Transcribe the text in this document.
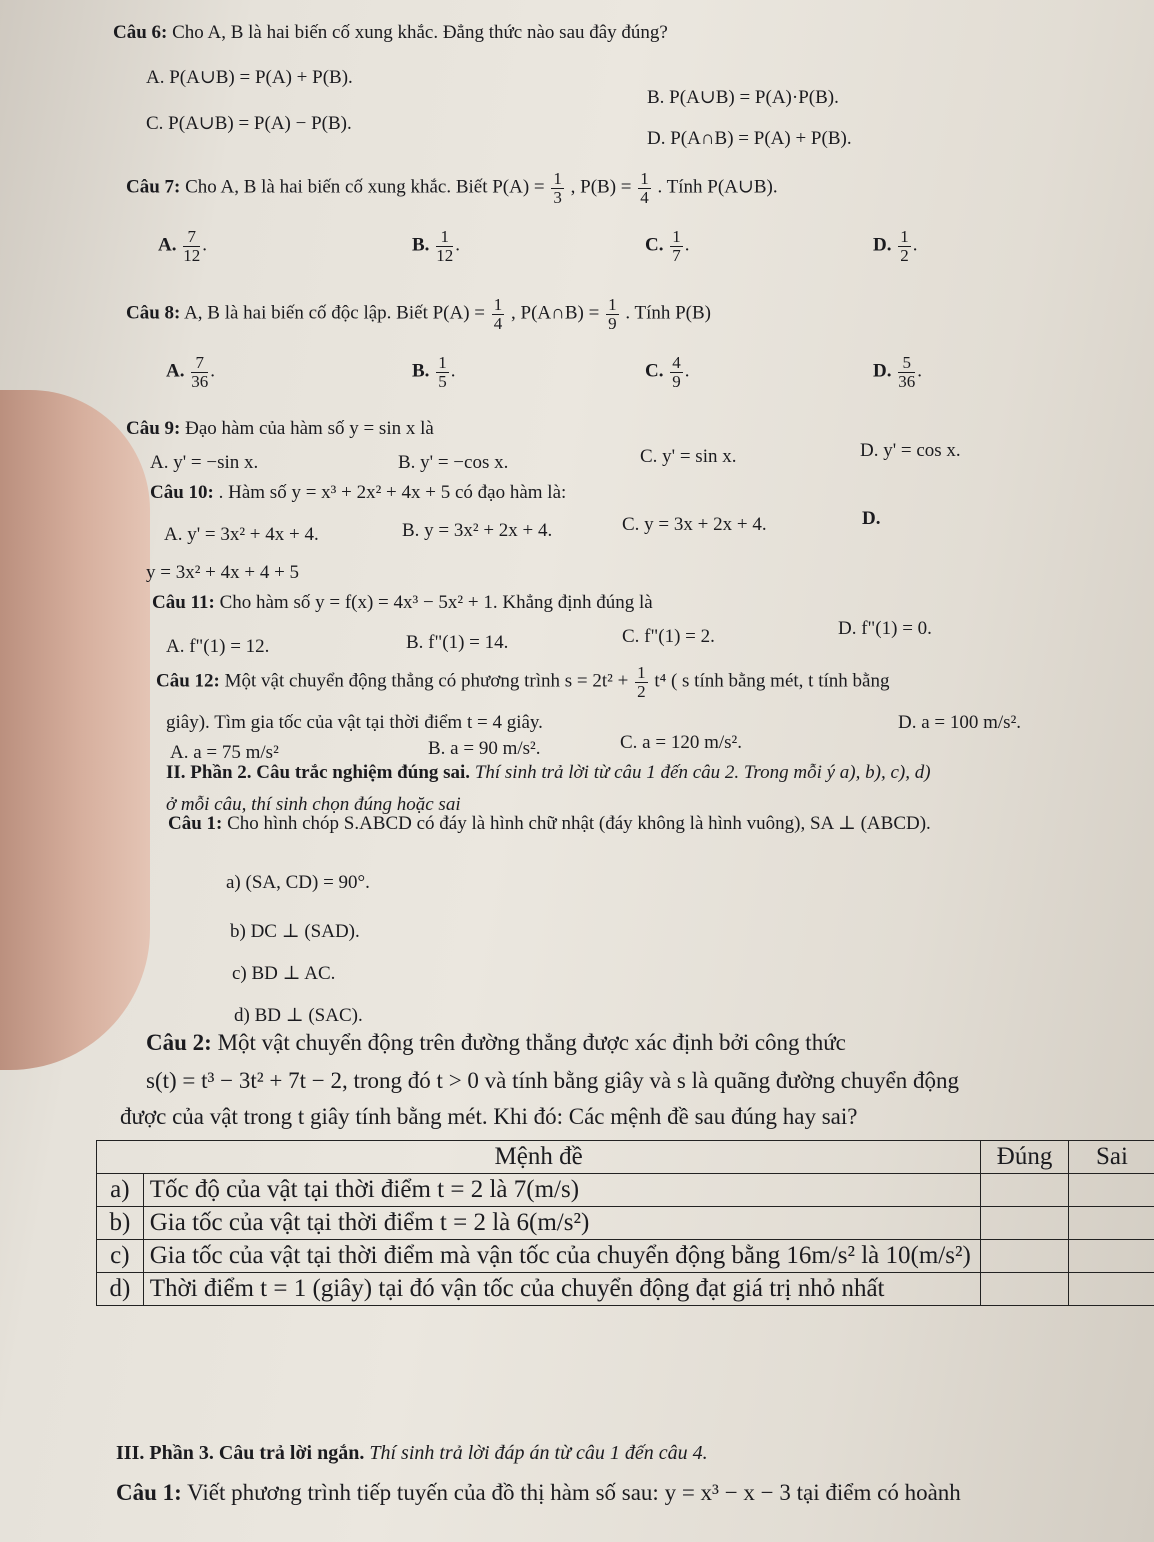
Câu 6: Cho A, B là hai biến cố xung khắc. Đẳng thức nào sau đây đúng?
A. P(A∪B) = P(A) + P(B).
B. P(A∪B) = P(A)·P(B).
C. P(A∪B) = P(A) − P(B).
D. P(A∩B) = P(A) + P(B).
Câu 7: Cho A, B là hai biến cố xung khắc. Biết $P(A) = \frac{1}{3}$ , $P(B) = \frac{1}{4}$ . Tính P(A∪B).
A. $\frac{7}{12}$ .	B. $\frac{1}{12}$ .	C. $\frac{1}{7}$ .	D. $\frac{1}{2}$ .
Câu 8: A, B là hai biến cố độc lập. Biết $P(A) = \frac{1}{4}$ , P(A∩B) = $\frac{1}{9}$ . Tính P(B)
A. $\frac{7}{36}$ .	B. $\frac{1}{5}$ .	C. $\frac{4}{9}$ .	D. $\frac{5}{36}$ .
Câu 9: Đạo hàm của hàm số y = sin x là
A. y' = −sin x.	B. y' = −cos x.	C. y' = sin x.	D. y' = cos x.
Câu 10: . Hàm số y = x³ + 2x² + 4x + 5 có đạo hàm là:
A. y' = 3x² + 4x + 4.	B. y = 3x² + 2x + 4.	C. y = 3x + 2x + 4.	D.
y = 3x² + 4x + 4 + 5
Câu 11: Cho hàm số y = f(x) = 4x³ − 5x² + 1. Khẳng định đúng là
A. f"(1) = 12.	B. f"(1) = 14.	C. f"(1) = 2.	D. f"(1) = 0.
Câu 12: Một vật chuyển động thẳng có phương trình $s = 2t^2 + \frac{1}{2} t^4$ ( s tính bằng mét, t tính bằng
giây). Tìm gia tốc của vật tại thời điểm t = 4 giây.
A. a = 75 m/s²	B. a = 90 m/s².	C. a = 120 m/s².
D. a = 100 m/s².
II. Phần 2. Câu trắc nghiệm đúng sai. Thí sinh trả lời từ câu 1 đến câu 2. Trong mỗi ý a), b), c), d)
ở mỗi câu, thí sinh chọn đúng hoặc sai
Câu 1: Cho hình chóp S.ABCD có đáy là hình chữ nhật (đáy không là hình vuông), SA ⊥ (ABCD).
a) (SA, CD) = 90°.
b) DC ⊥ (SAD).
c) BD ⊥ AC.
d) BD ⊥ (SAC).
Câu 2: Một vật chuyển động trên đường thẳng được xác định bởi công thức
s(t) = t³ − 3t² + 7t − 2, trong đó t > 0 và tính bằng giây và s là quãng đường chuyển động
được của vật trong t giây tính bằng mét. Khi đó: Các mệnh đề sau đúng hay sai?
Mệnh đề		Đúng	Sai
a)	Tốc độ của vật tại thời điểm t = 2 là 7(m/s)		
b)	Gia tốc của vật tại thời điểm t = 2 là 6(m/s²)		
c)	Gia tốc của vật tại thời điểm mà vận tốc của chuyển động bằng 16m/s² là 10(m/s²)		
d)	Thời điểm t = 1 (giây) tại đó vận tốc của chuyển động đạt giá trị nhỏ nhất		
III. Phần 3. Câu trả lời ngắn. Thí sinh trả lời đáp án từ câu 1 đến câu 4.
Câu 1: Viết phương trình tiếp tuyến của đồ thị hàm số sau: y = x³ − x − 3 tại điểm có hoành
